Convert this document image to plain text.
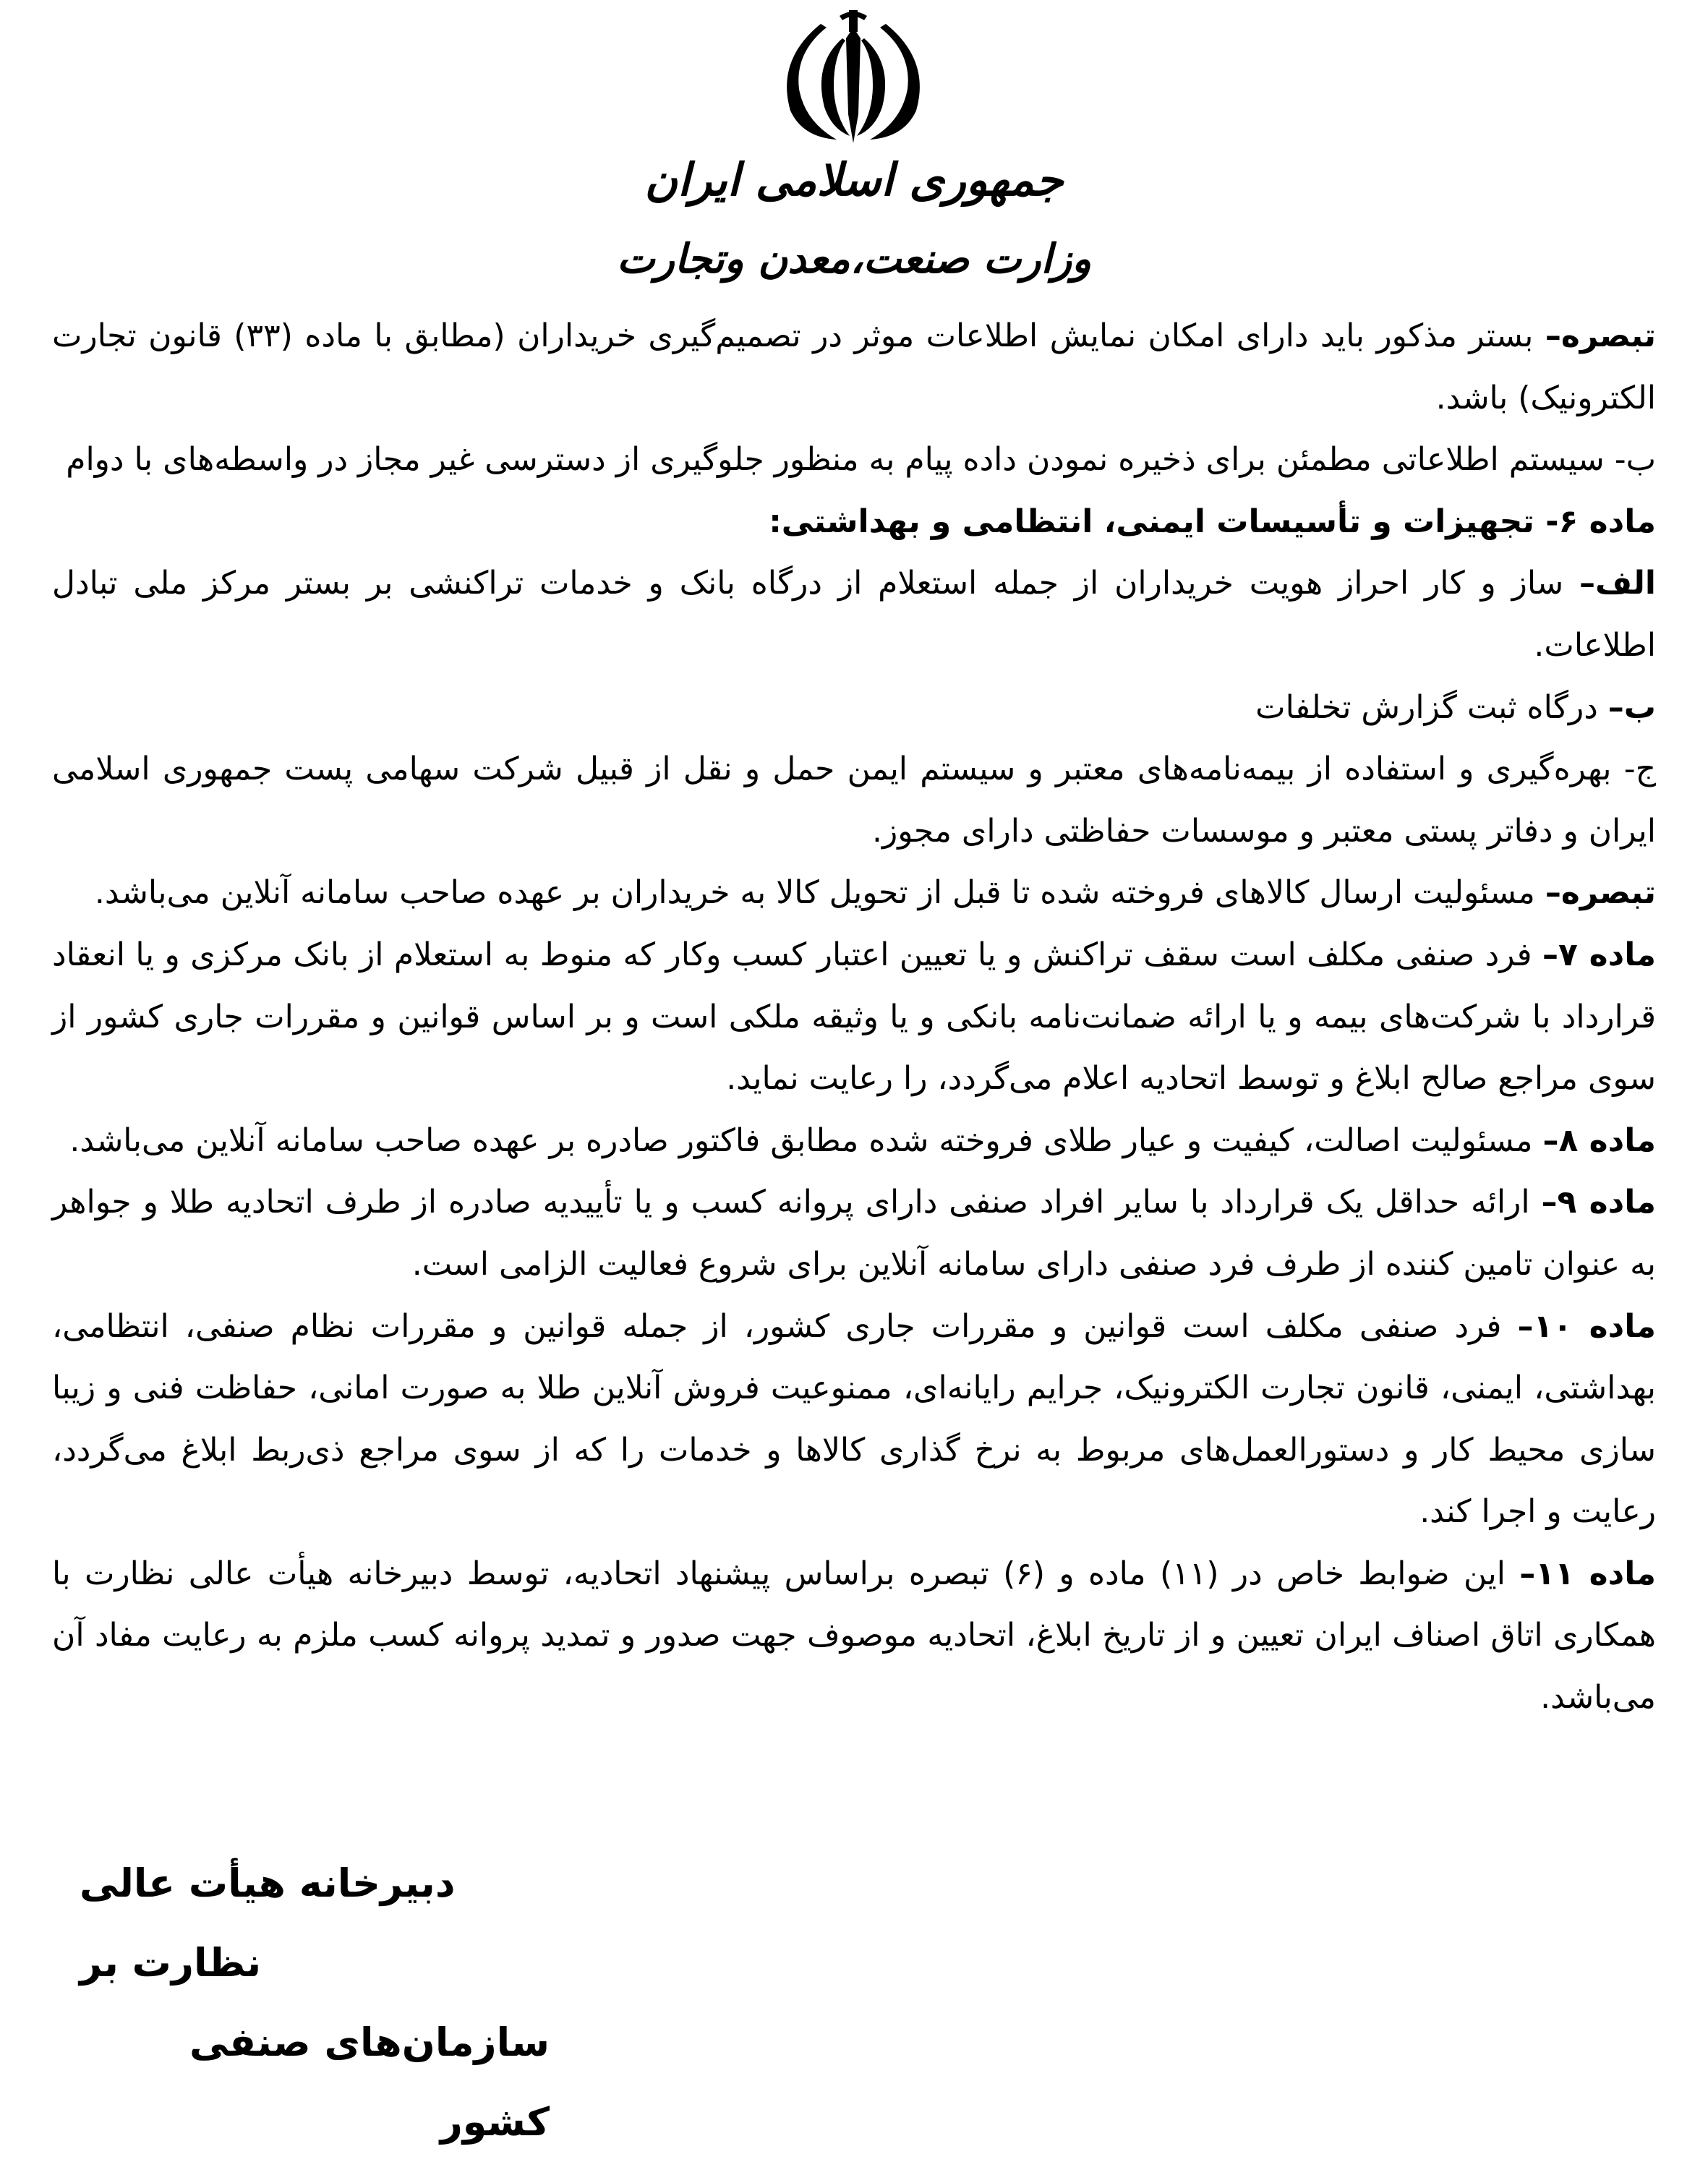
جمهوری اسلامی ایران
وزارت صنعت،معدن وتجارت

تبصره– بستر مذکور باید دارای امکان نمایش اطلاعات موثر در تصمیم‌گیری خریداران (مطابق با ماده (۳۳) قانون تجارت الکترونیک) باشد.

ب- سیستم اطلاعاتی مطمئن برای ذخیره نمودن داده پیام به منظور جلوگیری از دسترسی غیر مجاز در واسطه‌های با دوام

ماده ۶- تجهیزات و تأسیسات ایمنی، انتظامی و بهداشتی:

الف– ساز و کار احراز هویت خریداران از جمله استعلام از درگاه بانک و خدمات تراکنشی بر بستر مرکز ملی تبادل اطلاعات.

ب– درگاه ثبت گزارش تخلفات

ج- بهره‌گیری و استفاده از بیمه‌نامه‌های معتبر و سیستم ایمن حمل و نقل از قبیل شرکت سهامی پست جمهوری اسلامی ایران و دفاتر پستی معتبر و موسسات حفاظتی دارای مجوز.

تبصره– مسئولیت ارسال کالاهای فروخته شده تا قبل از تحویل کالا به خریداران بر عهده صاحب سامانه آنلاین می‌باشد.

ماده ۷– فرد صنفی مکلف است سقف تراکنش و یا تعیین اعتبار کسب وکار که منوط به استعلام از بانک مرکزی و یا انعقاد قرارداد با شرکت‌های بیمه و یا ارائه ضمانت‌نامه بانکی و یا وثیقه ملکی است و بر اساس قوانین و مقررات جاری کشور از سوی مراجع صالح ابلاغ و توسط اتحادیه اعلام می‌گردد، را رعایت نماید.

ماده ۸– مسئولیت اصالت، کیفیت و عیار طلای فروخته شده مطابق فاکتور صادره بر عهده صاحب سامانه آنلاین می‌باشد.

ماده ۹– ارائه حداقل یک قرارداد با سایر افراد صنفی دارای پروانه کسب و یا تأییدیه صادره از طرف اتحادیه طلا و جواهر به عنوان تامین کننده از طرف فرد صنفی دارای سامانه آنلاین برای شروع فعالیت الزامی است.

ماده ۱۰– فرد صنفی مکلف است قوانین و مقررات جاری کشور، از جمله قوانین و مقررات نظام صنفی، انتظامی، بهداشتی، ایمنی، قانون تجارت الکترونیک، جرایم رایانه‌ای، ممنوعیت فروش آنلاین طلا به صورت امانی، حفاظت فنی و زیبا سازی محیط کار و دستورالعمل‌های مربوط به نرخ گذاری کالاها و خدمات را که از سوی مراجع ذی‌ربط ابلاغ می‌گردد، رعایت و اجرا کند.

ماده ۱۱– این ضوابط خاص در (۱۱) ماده و (۶) تبصره براساس پیشنهاد اتحادیه، توسط دبیرخانه هیأت عالی نظارت با همکاری اتاق اصناف ایران تعیین و از تاریخ ابلاغ، اتحادیه موصوف جهت صدور و تمدید پروانه کسب ملزم به رعایت مفاد آن می‌باشد.

دبیرخانه هیأت عالی نظارت بر
سازمان‌های صنفی کشور
